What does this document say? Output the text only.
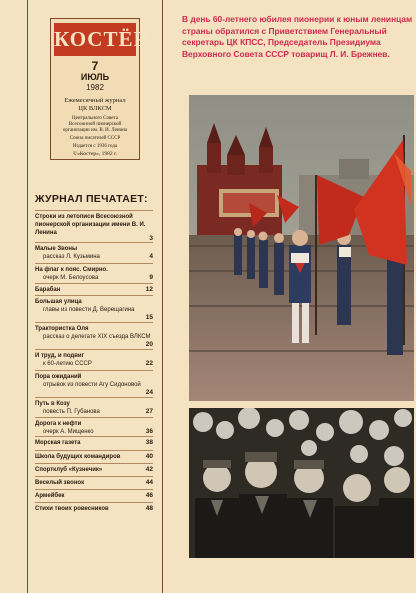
КОСТЁР
7
ИЮЛЬ
1982
Ежемесячный журнал
ЦК ВЛКСМ
Центрального Совета
Всесоюзной пионерской
организации им. В. И. Ленина
Союза писателей СССР
Издается с 1936 года
©«Костер», 1982 г.
ЖУРНАЛ ПЕЧАТАЕТ:
Строки из летописи Всесоюзной пионерской организации имени В. И. Ленина
3
Малые Звоны
рассказ Л. Кузьмина	4
На флаг к пояс. Смирно.
очерк М. Белоусова	9
Барабан	12
Большая улица
главы из повести Д. Верещагина
15
Трактористка Оля
рассказ о делегате XIX съезда ВЛКСМ
20
И труд, и подвиг
к 60-летию СССР	22
Пора ожиданий
отрывок из повести Агу Сидоновой
24
Путь в Козу
повесть П. Губанова	27
Дорога к нефти
очерк А. Мищенко	36
Морская газета	38
Школа будущих командиров	40
Спортклуб «Кузнечик»	42
Веселый звонок	44
Армейбек	46
Стихи твоих ровесников	48
В день 60-летнего юбилея пионерии к юным ленинцам страны обратился с Приветствием Генеральный секретарь ЦК КПСС, Председатель Президиума Верховного Совета СССР товарищ Л. И. Брежнев.
